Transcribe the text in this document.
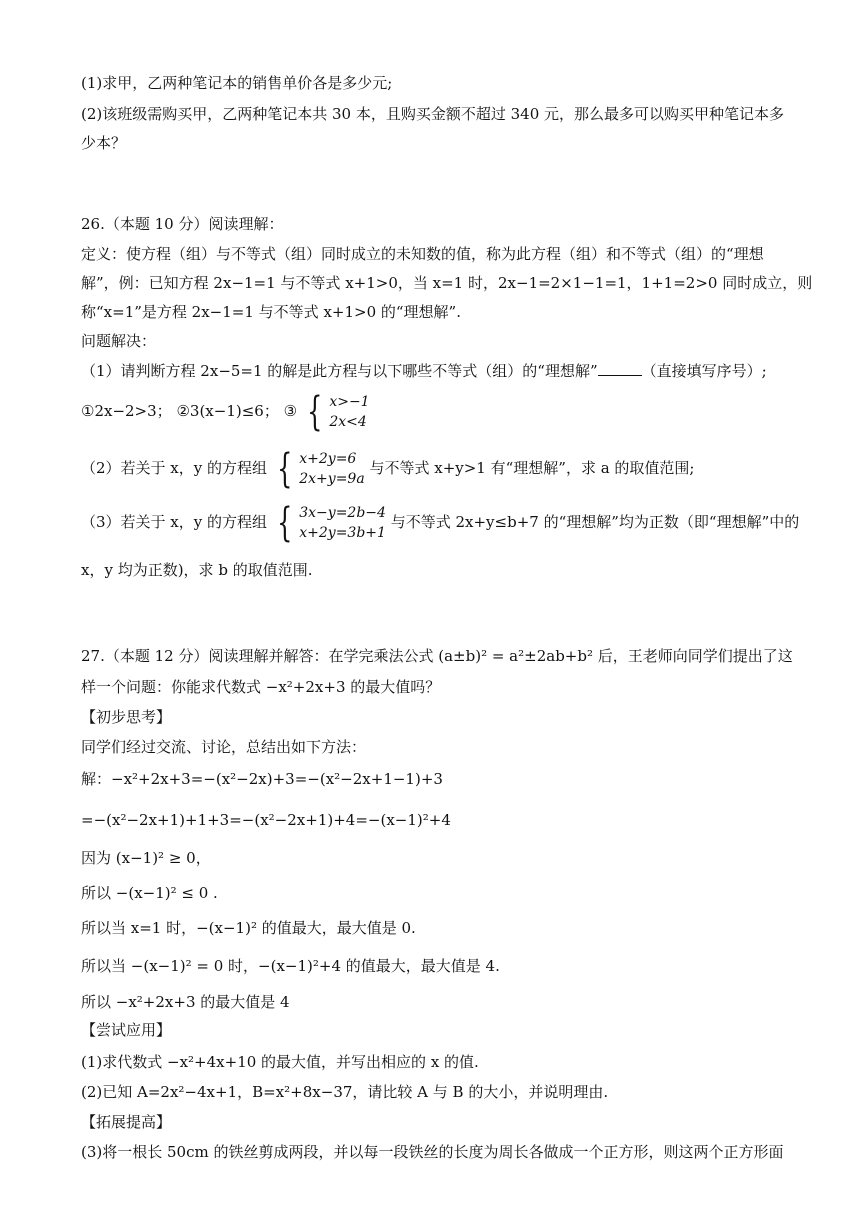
(1)求甲，乙两种笔记本的销售单价各是多少元;
(2)该班级需购买甲，乙两种笔记本共 30 本，且购买金额不超过 340 元，那么最多可以购买甲种笔记本多
少本？
26.（本题 10 分）阅读理解：
定义：使方程（组）与不等式（组）同时成立的未知数的值，称为此方程（组）和不等式（组）的“理想
解”，例：已知方程 2x−1=1 与不等式 x+1>0，当 x=1 时，2x−1=2×1−1=1，1+1=2>0 同时成立，则
称“x=1”是方程 2x−1=1 与不等式 x+1>0 的“理想解”.
问题解决：
（1）请判断方程 2x−5=1 的解是此方程与以下哪些不等式（组）的“理想解”	（直接填写序号）;
①2x−2>3； ②3(x−1)≤6； ③ { x>−1
2x<4
（2）若关于 x，y 的方程组 { x+2y=6
2x+y=9a
与不等式 x+y>1 有“理想解”，求 a 的取值范围;
（3）若关于 x，y 的方程组 { 3x−y=2b−4
x+2y=3b+1
与不等式 2x+y≤b+7 的“理想解”均为正数（即“理想解”中的
x，y 均为正数)，求 b 的取值范围.
27.（本题 12 分）阅读理解并解答：在学完乘法公式 (a±b)² = a²±2ab+b² 后，王老师向同学们提出了这
样一个问题：你能求代数式 −x²+2x+3 的最大值吗？
【初步思考】
同学们经过交流、讨论，总结出如下方法：
解：−x²+2x+3=−(x²−2x)+3=−(x²−2x+1−1)+3
=−(x²−2x+1)+1+3=−(x²−2x+1)+4=−(x−1)²+4
因为 (x−1)² ≥ 0，
所以 −(x−1)² ≤ 0 .
所以当 x=1 时，−(x−1)² 的值最大，最大值是 0.
所以当 −(x−1)² = 0 时，−(x−1)²+4 的值最大，最大值是 4.
所以 −x²+2x+3 的最大值是 4
【尝试应用】
(1)求代数式 −x²+4x+10 的最大值，并写出相应的 x 的值.
(2)已知 A=2x²−4x+1，B=x²+8x−37，请比较 A 与 B 的大小，并说明理由.
【拓展提高】
(3)将一根长 50cm 的铁丝剪成两段，并以每一段铁丝的长度为周长各做成一个正方形，则这两个正方形面
